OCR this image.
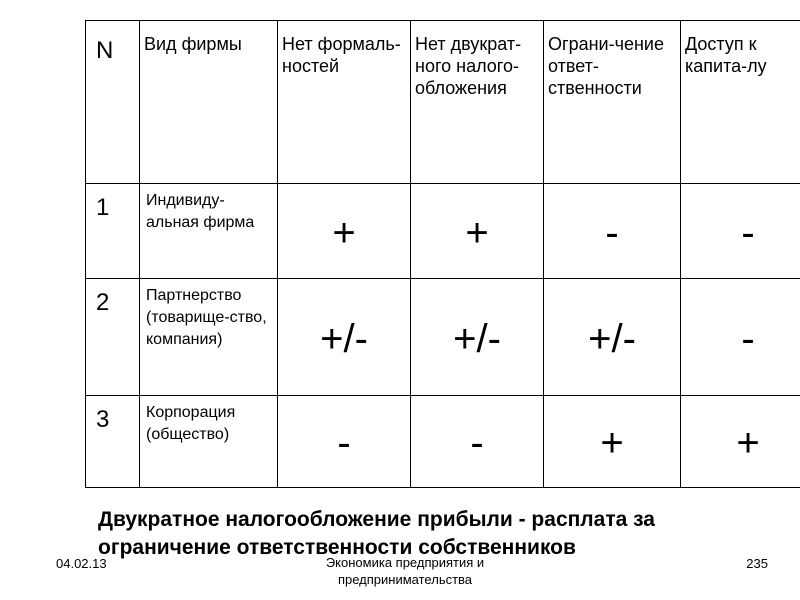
N	Вид фирмы	Нет формаль-ностей	Нет двукрат-ного налого-обложения	Ограни-чение ответ-ственности	Доступ к капита-лу
1	Индивиду-альная фирма	+	+	-	-
2	Партнерство (товарище-ство, компания)	+/-	+/-	+/-	-
3	Корпорация (общество)	-	-	+	+
Двукратное налогообложение прибыли - расплата за ограничение ответственности собственников
04.02.13	Экономика предприятия и предпринимательства
235
